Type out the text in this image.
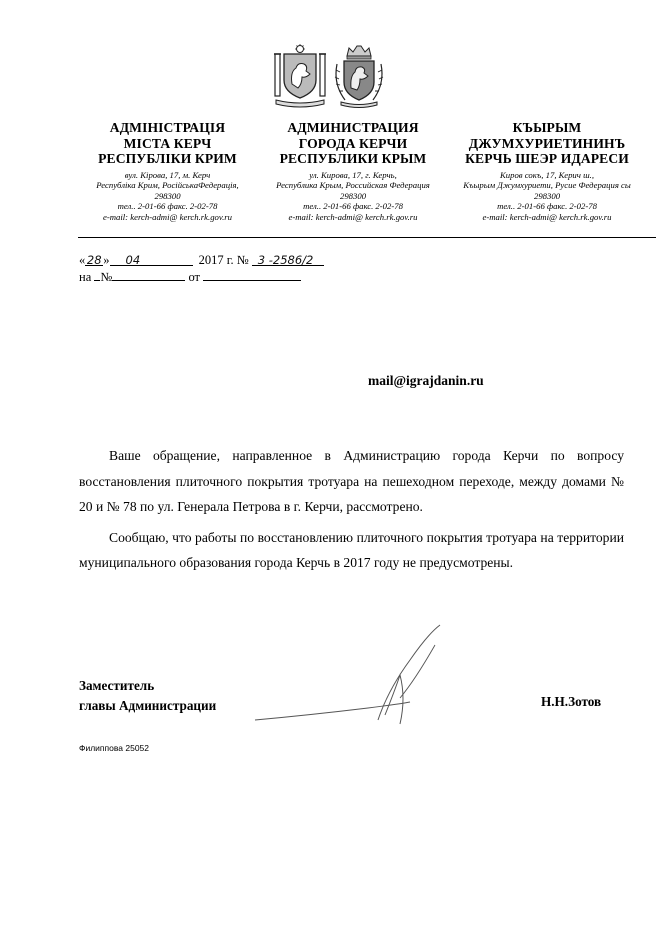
АДМІНІСТРАЦІЯ
МІСТА КЕРЧ
РЕСПУБЛІКИ КРИМ
вул. Кірова, 17, м. Керч
Республіка Крим, РосійськаФедерація,
298300
тел.. 2-01-66 факс. 2-02-78
e-mail: kerch-admi@ kerch.rk.gov.ru
АДМИНИСТРАЦИЯ
ГОРОДА КЕРЧИ
РЕСПУБЛИКИ КРЫМ
ул. Кирова, 17, г. Керчь,
Республика Крым, Российская Федерация
298300
тел.. 2-01-66 факс. 2-02-78
e-mail: kerch-admi@ kerch.rk.gov.ru
КЪЫРЫМ
ДЖУМХУРИЕТИНИНЪ
КЕРЧЬ ШЕЭР ИДАРЕСИ
Киров сокъ, 17, Керич ш.,
Къырым Джумхуриети, Русие Федерация сы
298300
тел.. 2-01-66 факс. 2-02-78
e-mail: kerch-admi@ kerch.rk.gov.ru
« 28 » 04	2017 г. № 3 -2586/2
на №	от
mail@igrajdanin.ru

Ваше обращение, направленное в Администрацию города Керчи по вопросу восстановления плиточного покрытия тротуара на пешеходном переходе, между домами № 20 и № 78 по ул. Генерала Петрова в г. Керчи, рассмотрено.

Сообщаю, что работы по восстановлению плиточного покрытия тротуара на территории муниципального образования города Керчь в 2017 году не предусмотрены.

Заместитель
главы Администрации	Н.Н.Зотов
Филиппова 25052
